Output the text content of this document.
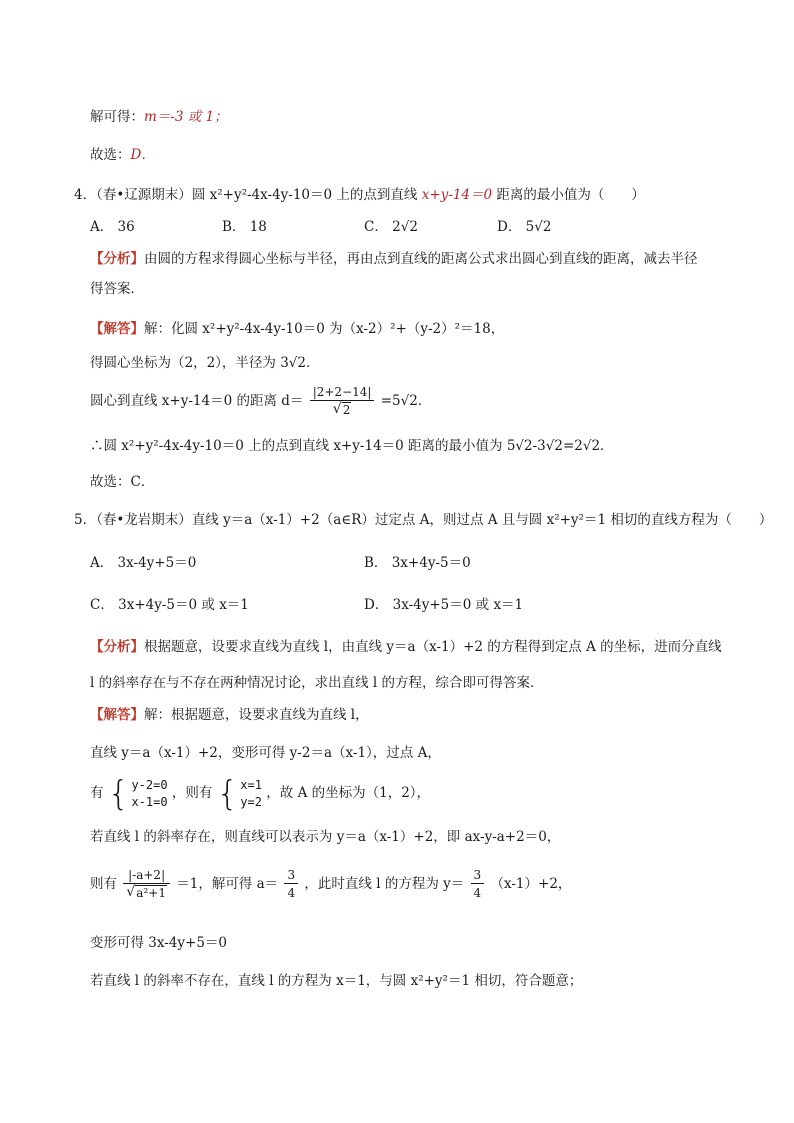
解可得：m＝-3 或 1；
故选：D．
4．（春•辽源期末）圆 x²+y²-4x-4y-10＝0 上的点到直线 x+y-14＝0 距离的最小值为（　　）
A． 36	B． 18	C． 2√2	D． 5√2
【分析】由圆的方程求得圆心坐标与半径，再由点到直线的距离公式求出圆心到直线的距离，减去半径
得答案．
【解答】解：化圆 x²+y²-4x-4y-10＝0 为（x-2）²+（y-2）²＝18，
得圆心坐标为（2，2），半径为 3√2．
圆心到直线 x+y-14＝0 的距离 d＝ |2+2−14|
√ 2 =5√2．
∴圆 x²+y²-4x-4y-10＝0 上的点到直线 x+y-14＝0 距离的最小值为 5√2-3√2=2√2．
故选：C．
5．（春•龙岩期末）直线 y＝a（x-1）+2（a∈R）过定点 A，则过点 A 且与圆 x²+y²＝1 相切的直线方程为（　　）
A． 3x-4y+5＝0	B． 3x+4y-5＝0
C． 3x+4y-5＝0 或 x＝1	D． 3x-4y+5＝0 或 x＝1
【分析】根据题意，设要求直线为直线 l，由直线 y＝a（x-1）+2 的方程得到定点 A 的坐标，进而分直线
l 的斜率存在与不存在两种情况讨论，求出直线 l 的方程，综合即可得答案．
【解答】解：根据题意，设要求直线为直线 l，
直线 y＝a（x-1）+2，变形可得 y-2＝a（x-1），过点 A，
有 { y-2=0
x-1=0
，则有 { x=1
y=2
，故 A 的坐标为（1，2），
若直线 l 的斜率存在，则直线可以表示为 y＝a（x-1）+2，即 ax-y-a+2＝0，
则有 |-a+2|
√ a²+1 ＝1，解可得 $a= \frac{3}{4}$ ，此时直线 l 的方程为 $y= \frac{3}{4} (x-1)+2$，
变形可得 3x-4y+5＝0
若直线 l 的斜率不存在，直线 l 的方程为 x＝1，与圆 x²+y²＝1 相切，符合题意；
